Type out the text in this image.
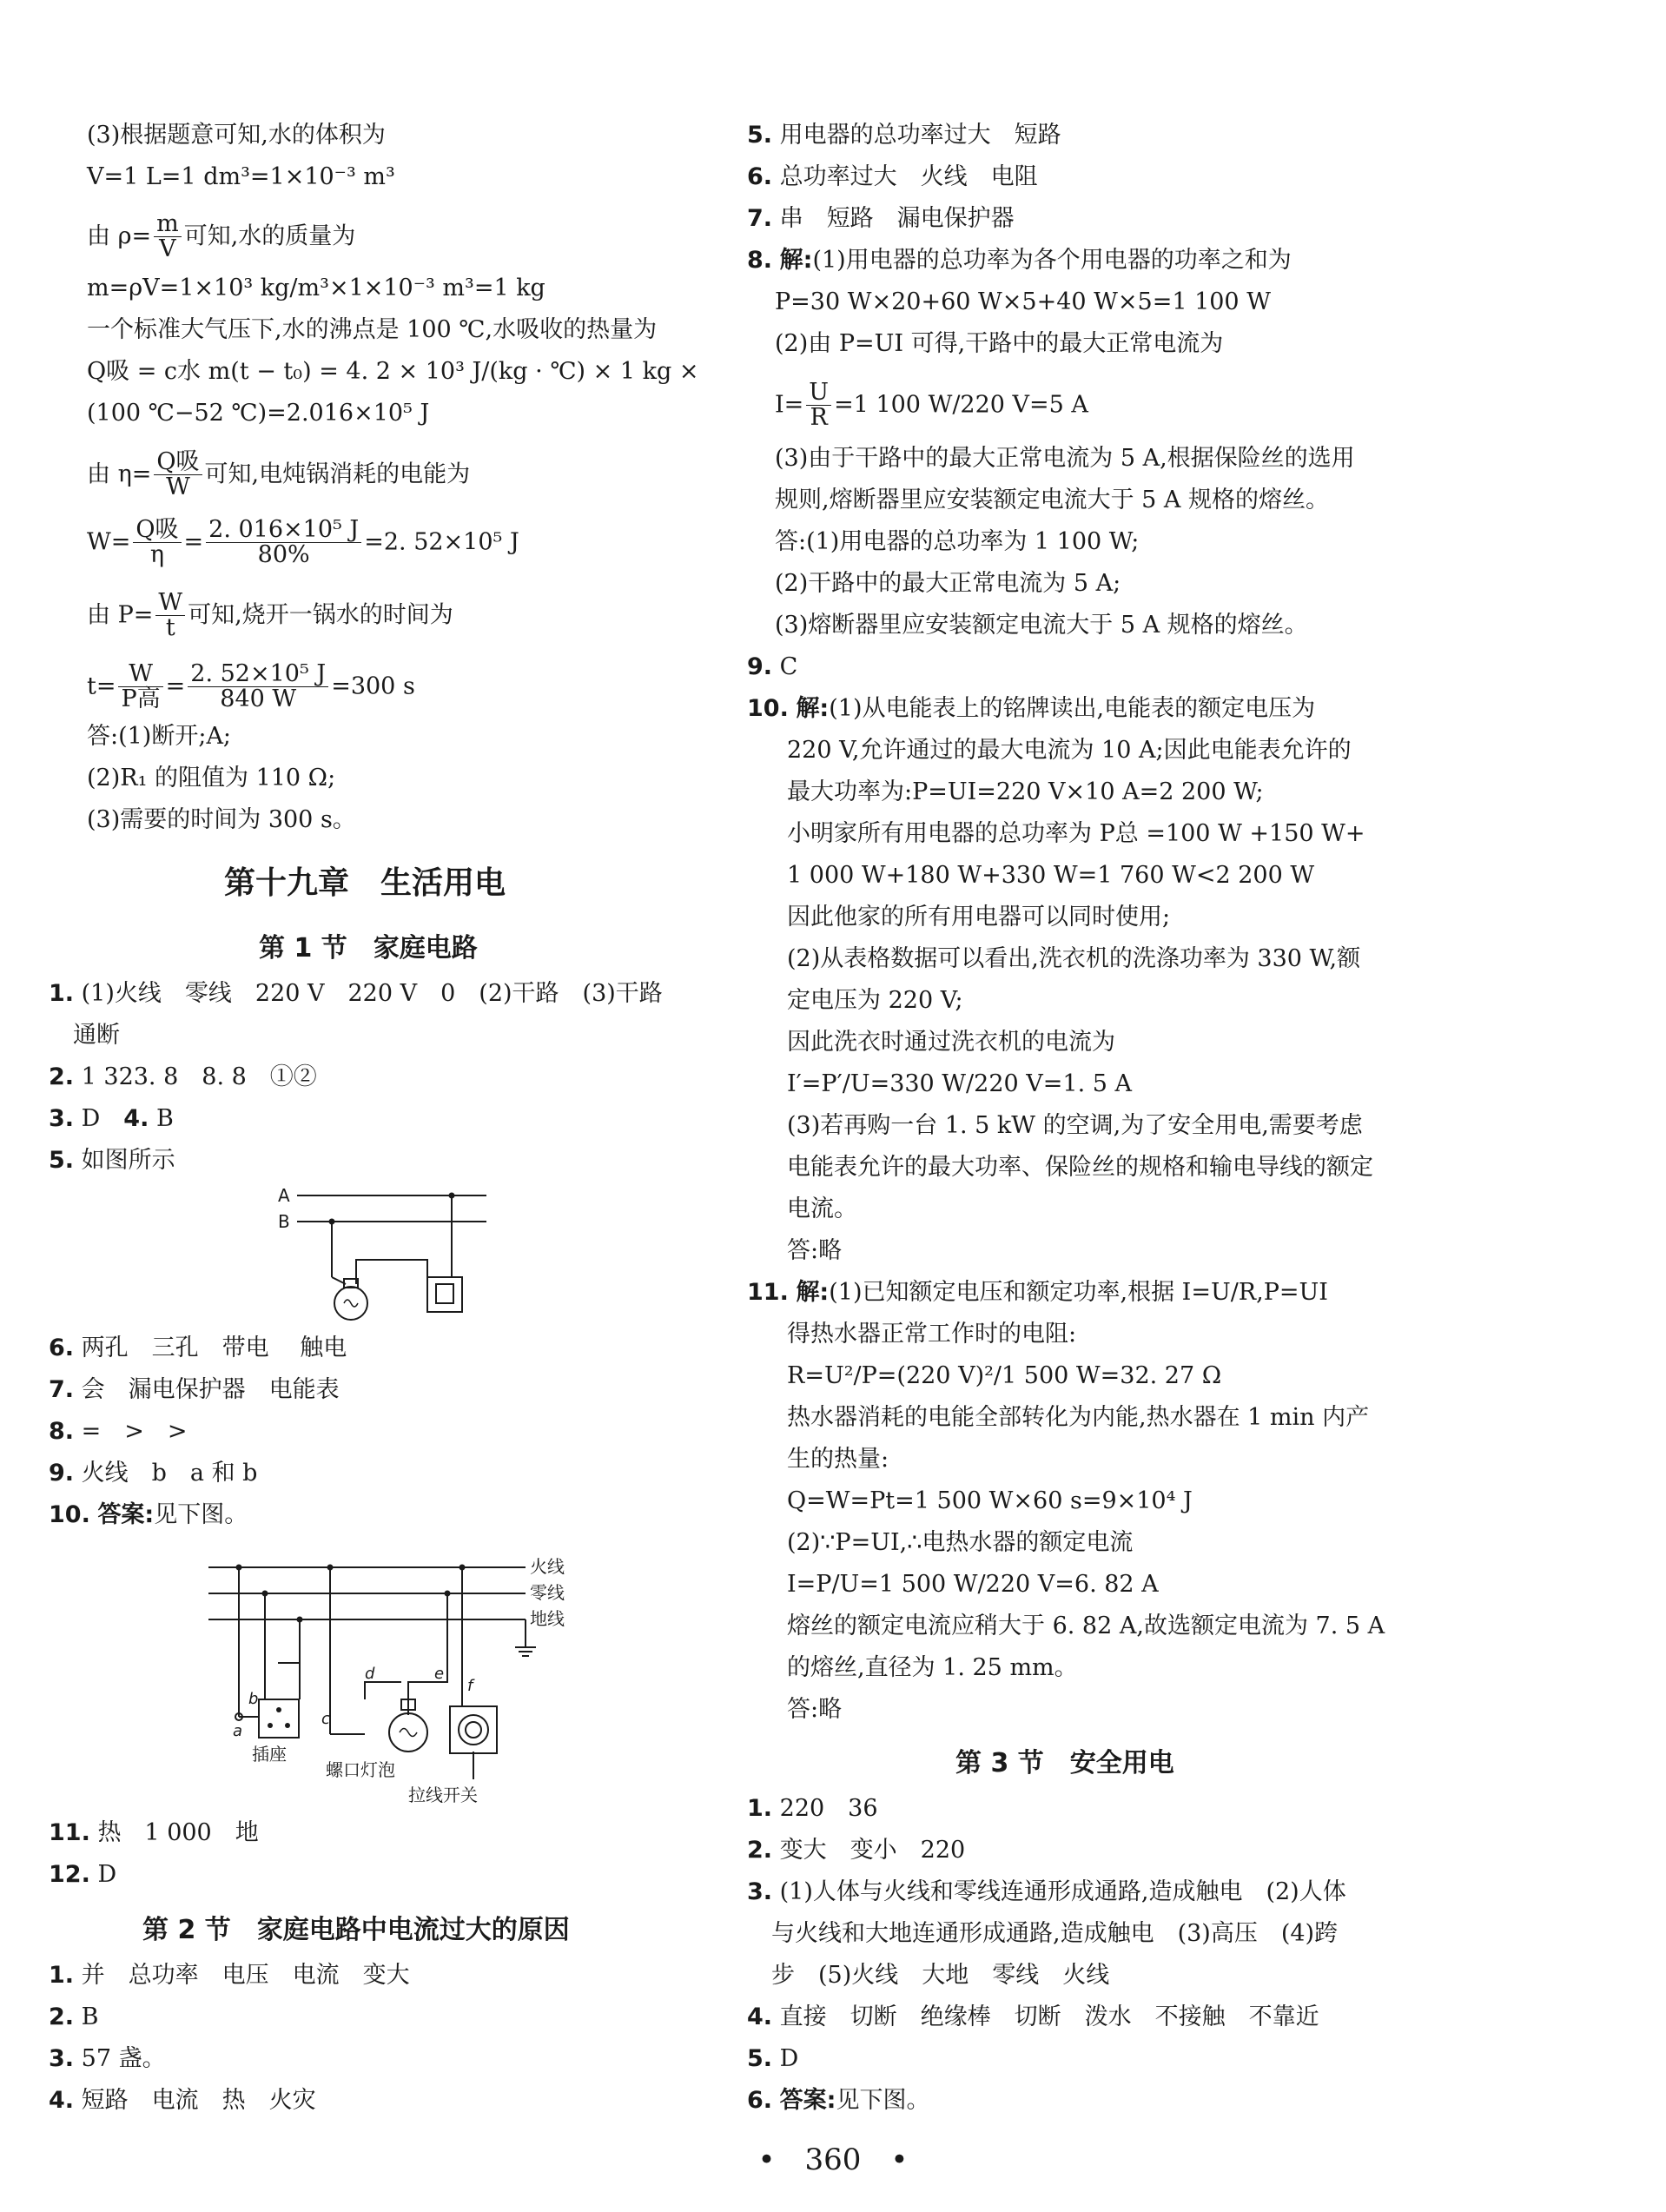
(3)根据题意可知,水的体积为
V=1 L=1 dm³=1×10⁻³ m³
由 $\rho= \frac{m}{V}$ 可知,水的质量为
m=ρV=1×10³ kg/m³×1×10⁻³ m³=1 kg
一个标准大气压下,水的沸点是 100 ℃,水吸收的热量为
Q吸 = c水 m(t − t₀) = 4. 2 × 10³ J/(kg · ℃) × 1 kg ×
(100 ℃−52 ℃)=2.016×10⁵ J
由 $\eta= \frac{\text{Q吸}}{W}$ 可知,电炖锅消耗的电能为
$W= \frac{\text{Q吸}}{\eta} = \frac{\text{2. 016×10⁵ J}}{80\%} =2$. 52×10⁵ J
由 $P= \frac{W}{t}$ 可知,烧开一锅水的时间为
$t= \frac{W}{\text{P高}} = \frac{\text{2. 52×10⁵ J}}{840 W} =300$ s
答:(1)断开;A;
(2)R₁ 的阻值为 110 Ω;
(3)需要的时间为 300 s。
第十九章　生活用电
第 1 节　家庭电路
1. (1)火线　零线　220 V　220 V　0　(2)干路　(3)干路
通断
2. 1 323. 8　8. 8　①②
3. D　4. B
5. 如图所示
A
B
6. 两孔　三孔　带电　 触电
7. 会　漏电保护器　电能表
8. =　>　>
9. 火线　b　a 和 b
10. 答案:见下图。
火线
零线
地线
b
a
c
d	e
f
插座
螺口灯泡
拉线开关
11. 热　1 000　地
12. D
第 2 节　家庭电路中电流过大的原因
1. 并　总功率　电压　电流　变大
2. B
3. 57 盏。
4. 短路　电流　热　火灾
5. 用电器的总功率过大　短路
6. 总功率过大　火线　电阻
7. 串　短路　漏电保护器
8. 解:(1)用电器的总功率为各个用电器的功率之和为
P=30 W×20+60 W×5+40 W×5=1 100 W
(2)由 P=UI 可得,干路中的最大正常电流为
$I= \frac{U}{R} =1$ 100 W/220 V=5 A
(3)由于干路中的最大正常电流为 5 A,根据保险丝的选用
规则,熔断器里应安装额定电流大于 5 A 规格的熔丝。
答:(1)用电器的总功率为 1 100 W;
(2)干路中的最大正常电流为 5 A;
(3)熔断器里应安装额定电流大于 5 A 规格的熔丝。
9. C
10. 解:(1)从电能表上的铭牌读出,电能表的额定电压为
220 V,允许通过的最大电流为 10 A;因此电能表允许的
最大功率为:P=UI=220 V×10 A=2 200 W;
小明家所有用电器的总功率为 P总 =100 W +150 W+
1 000 W+180 W+330 W=1 760 W<2 200 W
因此他家的所有用电器可以同时使用;
(2)从表格数据可以看出,洗衣机的洗涤功率为 330 W,额
定电压为 220 V;
因此洗衣时通过洗衣机的电流为
I′=P′/U=330 W/220 V=1. 5 A
(3)若再购一台 1. 5 kW 的空调,为了安全用电,需要考虑
电能表允许的最大功率、保险丝的规格和输电导线的额定
电流。
答:略
11. 解:(1)已知额定电压和额定功率,根据 I=U/R,P=UI
得热水器正常工作时的电阻:
R=U²/P=(220 V)²/1 500 W=32. 27 Ω
热水器消耗的电能全部转化为内能,热水器在 1 min 内产
生的热量:
Q=W=Pt=1 500 W×60 s=9×10⁴ J
(2)∵P=UI,∴电热水器的额定电流
I=P/U=1 500 W/220 V=6. 82 A
熔丝的额定电流应稍大于 6. 82 A,故选额定电流为 7. 5 A
的熔丝,直径为 1. 25 mm。
答:略
第 3 节　安全用电
1. 220　36
2. 变大　变小　220
3. (1)人体与火线和零线连通形成通路,造成触电　(2)人体
与火线和大地连通形成通路,造成触电　(3)高压　(4)跨
步　(5)火线　大地　零线　火线
4. 直接　切断　绝缘棒　切断　泼水　不接触　不靠近
5. D
6. 答案:见下图。
•　360　•
